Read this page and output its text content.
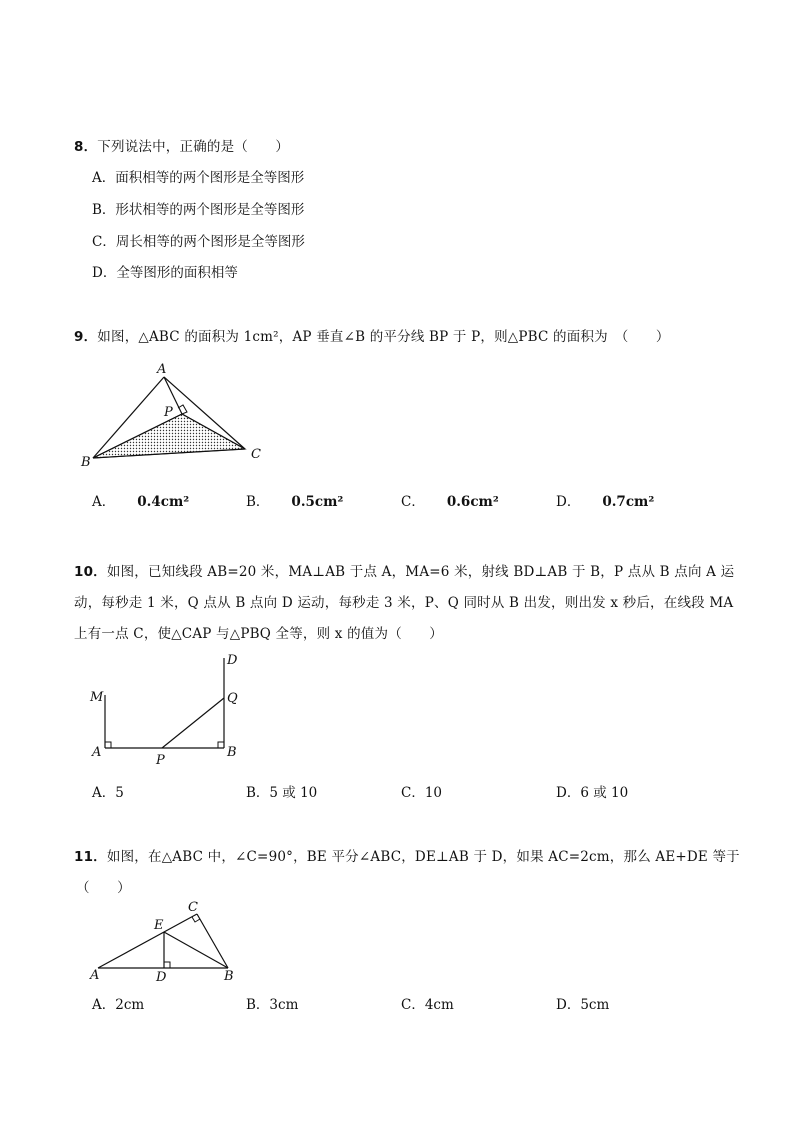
8．下列说法中，正确的是（　　）
A．面积相等的两个图形是全等图形
B．形状相等的两个图形是全等图形
C．周长相等的两个图形是全等图形
D．全等图形的面积相等
9．如图，△ABC 的面积为 1cm²，AP 垂直∠B 的平分线 BP 于 P，则△PBC 的面积为　（　　）
A
P
B
C
A． 0.4cm²	B． 0.5cm²	C． 0.6cm²	D． 0.7cm²
10．如图，已知线段 AB=20 米，MA⊥AB 于点 A，MA=6 米，射线 BD⊥AB 于 B，P 点从 B 点向 A 运
动，每秒走 1 米，Q 点从 B 点向 D 运动，每秒走 3 米，P、Q 同时从 B 出发，则出发 x 秒后，在线段 MA
上有一点 C，使△CAP 与△PBQ 全等，则 x 的值为（　　）
M
A
P
B
Q
D
A．5	B．5 或 10	C．10	D．6 或 10
11．如图，在△ABC 中，∠C=90°，BE 平分∠ABC，DE⊥AB 于 D，如果 AC=2cm，那么 AE+DE 等于
（　　）
A	D	B
E
C
A．2cm	B．3cm	C．4cm	D．5cm
